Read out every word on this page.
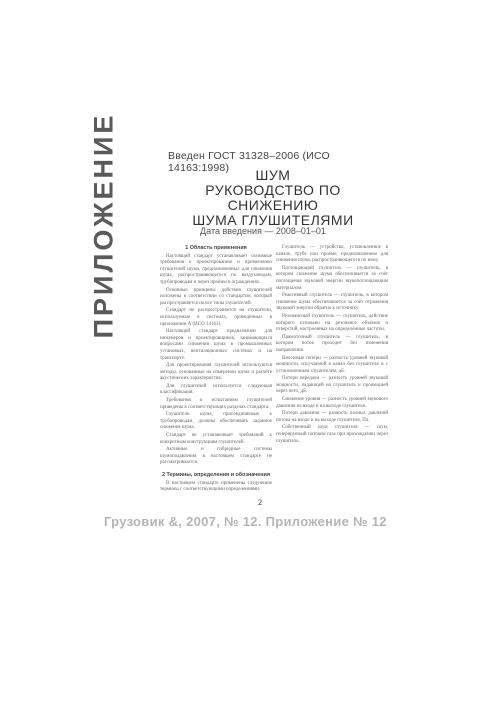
ПРИЛОЖЕНИЕ	Введен ГОСТ 31328–2006 (ИСО 14163:1998)	ШУМ
РУКОВОДСТВО ПО СНИЖЕНИЮ
ШУМА ГЛУШИТЕЛЯМИ
Дата введения — 2008–01–01
1 Область применения

Настоящий стандарт устанавливает основные требования к проектированию и применению глушителей шума, предназначенных для снижения шума, распространяющегося по воздуховодам, трубопроводам и через проёмы в ограждениях.

Основные принципы действия глушителей изложены в соответствии со стандартом, который распространяется на все типы глушителей.

Стандарт не распространяется на глушители, используемые в системах, приведённых в приложении А (ИСО 14163).

Настоящий стандарт предназначен для инженеров и проектировщиков, занимающихся вопросами снижения шума в промышленных установках, вентиляционных системах и на транспорте.

Для проектирования глушителей используются методы, основанные на измерении шума и расчёте акустических характеристик.

Для глушителей используется следующая классификация.

Требования к испытаниям глушителей приведены в соответствующих разделах стандарта.

Глушители шума, присоединяемые к трубопроводам, должны обеспечивать заданное снижение шума.

Стандарт не устанавливает требований к конкретным конструкциям глушителей.

Активные и гибридные системы шумоподавления в настоящем стандарте не рассматриваются.

2 Термины, определения и обозначения

В настоящем стандарте применены следующие термины с соответствующими определениями.

Глушитель — устройство, установленное в канале, трубе или проёме, предназначенное для снижения шума, распространяющегося по нему.

Поглощающий глушитель — глушитель, в котором снижение шума обеспечивается за счёт поглощения звуковой энергии звукопоглощающим материалом.

Реактивный глушитель — глушитель, в котором снижение шума обеспечивается за счёт отражения звуковой энергии обратно к источнику.

Резонансный глушитель — глушитель, действие которого основано на резонансе объёмов и отверстий, настроенных на определённые частоты.

Прямоточный глушитель — глушитель, в котором поток проходит без изменения направления.

Вносимые потери — разность уровней звуковой мощности, излучаемой в канал без глушителя и с установленным глушителем, дБ.

Потери передачи — разность уровней звуковой мощности, падающей на глушитель и прошедшей через него, дБ.

Снижение уровня — разность уровней звукового давления на входе и на выходе глушителя.

Потери давления — разность полных давлений потока на входе и на выходе глушителя, Па.

Собственный шум глушителя — шум, генерируемый потоком газа при прохождении через глушитель.

2
Грузовик &, 2007, № 12. Приложение № 12
